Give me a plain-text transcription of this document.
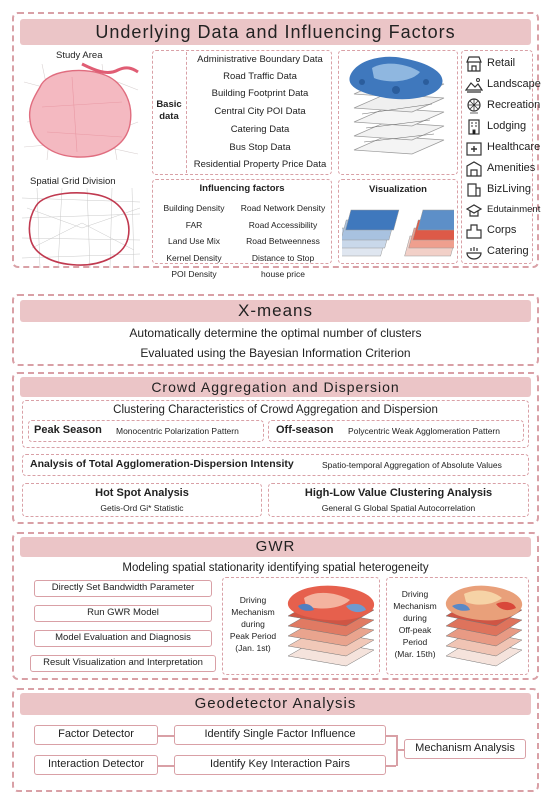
Underlying Data and Influencing Factors
Study Area
Spatial Grid Division
Basic data
Administrative Boundary Data
Road Traffic Data
Building Footprint Data
Central City POI Data
Catering Data
Bus Stop Data
Residential Property Price Data
Influencing factors
Building Density
FAR
Land Use Mix
Kernel Density
POI Density
Road Network Density
Road Accessibility
Road Betweenness
Distance to Stop
house price
Visualization
Retail
Landscape
Recreation
Lodging
Healthcare
Amenities
BizLiving
Edutainment
Corps
X-means
Automatically determine the optimal number of clusters
Evaluated using the Bayesian Information Criterion
Crowd Aggregation and Dispersion
Clustering Characteristics of Crowd Aggregation and Dispersion
Peak Season Monocentric Polarization Pattern	Off-season Polycentric Weak Agglomeration Pattern
Analysis of Total Agglomeration-Dispersion Intensity	Spatio-temporal Aggregation of Absolute Values
Hot Spot Analysis
Getis-Ord Gi* Statistic
High-Low Value Clustering Analysis
General G Global Spatial Autocorrelation
GWR
Modeling spatial stationarity identifying spatial heterogeneity
Directly Set Bandwidth Parameter
Run GWR Model
Model Evaluation and Diagnosis
Result Visualization and Interpretation
Driving
Mechanism
during
Peak Period
(Jan. 1st)
Driving
Mechanism
during
Off-peak
Period
(Mar. 15th)
Geodetector Analysis
Factor Detector
Interaction Detector
Identify Single Factor Influence
Identify Key Interaction Pairs
Mechanism Analysis
Catering
